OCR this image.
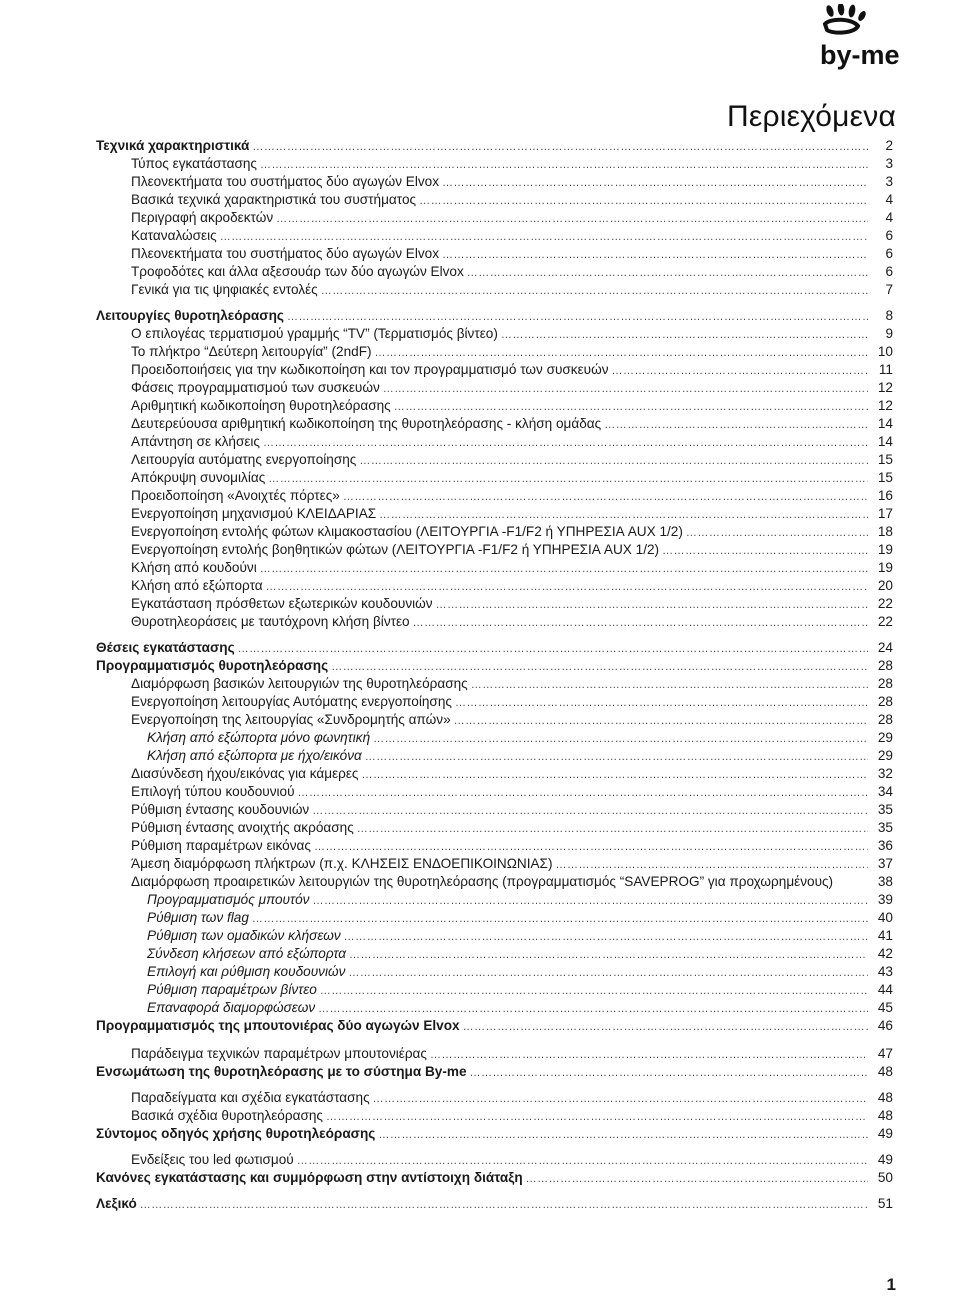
by-me
Περιεχόμενα
Τεχνικά χαρακτηριστικά ……………………………………………………………………………………………………………………………………………………………………………………………………………………	2
Τύπος εγκατάστασης ……………………………………………………………………………………………………………………………………………………………………………………………………………………	3
Πλεονεκτήματα του συστήματος δύο αγωγών Elvox ……………………………………………………………………………………………………………………………………………………………………………………………………………………	3
Βασικά τεχνικά χαρακτηριστικά του συστήματος ……………………………………………………………………………………………………………………………………………………………………………………………………………………	4
Περιγραφή ακροδεκτών ……………………………………………………………………………………………………………………………………………………………………………………………………………………	4
Καταναλώσεις ……………………………………………………………………………………………………………………………………………………………………………………………………………………	6
Πλεονεκτήματα του συστήματος δύο αγωγών Elvox ……………………………………………………………………………………………………………………………………………………………………………………………………………………	6
Τροφοδότες και άλλα αξεσουάρ των δύο αγωγών Elvox ……………………………………………………………………………………………………………………………………………………………………………………………………………………	6
Γενικά για τις ψηφιακές εντολές ……………………………………………………………………………………………………………………………………………………………………………………………………………………	7
Λειτουργίες θυροτηλεόρασης ……………………………………………………………………………………………………………………………………………………………………………………………………………………	8
Ο επιλογέας τερματισμού γραμμής “TV” (Τερματισμός βίντεο) ……………………………………………………………………………………………………………………………………………………………………………………………………………………	9
Το πλήκτρο “Δεύτερη λειτουργία” (2ndF) ……………………………………………………………………………………………………………………………………………………………………………………………………………………	10
Προειδοποιήσεις για την κωδικοποίηση και τον προγραμματισμό των συσκευών ……………………………………………………………………………………………………………………………………………………………………………………………………………………	11
Φάσεις προγραμματισμού των συσκευών ……………………………………………………………………………………………………………………………………………………………………………………………………………………	12
Αριθμητική κωδικοποίηση θυροτηλεόρασης ……………………………………………………………………………………………………………………………………………………………………………………………………………………	12
Δευτερεύουσα αριθμητική κωδικοποίηση της θυροτηλεόρασης - κλήση ομάδας ……………………………………………………………………………………………………………………………………………………………………………………………………………………	14
Απάντηση σε κλήσεις ……………………………………………………………………………………………………………………………………………………………………………………………………………………	14
Λειτουργία αυτόματης ενεργοποίησης ……………………………………………………………………………………………………………………………………………………………………………………………………………………	15
Απόκρυψη συνομιλίας ……………………………………………………………………………………………………………………………………………………………………………………………………………………	15
Προειδοποίηση «Ανοιχτές πόρτες» ……………………………………………………………………………………………………………………………………………………………………………………………………………………	16
Ενεργοποίηση μηχανισμού ΚΛΕΙΔΑΡΙΑΣ ……………………………………………………………………………………………………………………………………………………………………………………………………………………	17
Ενεργοποίηση εντολής φώτων κλιμακοστασίου (ΛΕΙΤΟΥΡΓΙΑ -F1/F2 ή ΥΠΗΡΕΣΙΑ AUX 1/2) ……………………………………………………………………………………………………………………………………………………………………………………………………………………	18
Ενεργοποίηση εντολής βοηθητικών φώτων (ΛΕΙΤΟΥΡΓΙΑ -F1/F2 ή ΥΠΗΡΕΣΙΑ AUX 1/2) ……………………………………………………………………………………………………………………………………………………………………………………………………………………	19
Κλήση από κουδούνι ……………………………………………………………………………………………………………………………………………………………………………………………………………………	19
Κλήση από εξώπορτα ……………………………………………………………………………………………………………………………………………………………………………………………………………………	20
Εγκατάσταση πρόσθετων εξωτερικών κουδουνιών ……………………………………………………………………………………………………………………………………………………………………………………………………………………	22
Θυροτηλεοράσεις με ταυτόχρονη κλήση βίντεο ……………………………………………………………………………………………………………………………………………………………………………………………………………………	22
Θέσεις εγκατάστασης ……………………………………………………………………………………………………………………………………………………………………………………………………………………	24
Προγραμματισμός θυροτηλεόρασης ……………………………………………………………………………………………………………………………………………………………………………………………………………………	28
Διαμόρφωση βασικών λειτουργιών της θυροτηλεόρασης ……………………………………………………………………………………………………………………………………………………………………………………………………………………	28
Ενεργοποίηση λειτουργίας Αυτόματης ενεργοποίησης ……………………………………………………………………………………………………………………………………………………………………………………………………………………	28
Ενεργοποίηση της λειτουργίας «Συνδρομητής απών» ……………………………………………………………………………………………………………………………………………………………………………………………………………………	28
Κλήση από εξώπορτα μόνο φωνητική ……………………………………………………………………………………………………………………………………………………………………………………………………………………	29
Κλήση από εξώπορτα με ήχο/εικόνα ……………………………………………………………………………………………………………………………………………………………………………………………………………………	29
Διασύνδεση ήχου/εικόνας για κάμερες ……………………………………………………………………………………………………………………………………………………………………………………………………………………	32
Επιλογή τύπου κουδουνιού ……………………………………………………………………………………………………………………………………………………………………………………………………………………	34
Ρύθμιση έντασης κουδουνιών ……………………………………………………………………………………………………………………………………………………………………………………………………………………	35
Ρύθμιση έντασης ανοιχτής ακρόασης ……………………………………………………………………………………………………………………………………………………………………………………………………………………	35
Ρύθμιση παραμέτρων εικόνας ……………………………………………………………………………………………………………………………………………………………………………………………………………………	36
Άμεση διαμόρφωση πλήκτρων (π.χ. ΚΛΗΣΕΙΣ ΕΝΔΟΕΠΙΚΟΙΝΩΝΙΑΣ) ……………………………………………………………………………………………………………………………………………………………………………………………………………………	37
Διαμόρφωση προαιρετικών λειτουργιών της θυροτηλεόρασης (προγραμματισμός “SAVEPROG” για προχωρημένους)	38
Προγραμματισμός μπουτόν ……………………………………………………………………………………………………………………………………………………………………………………………………………………	39
Ρύθμιση των flag ……………………………………………………………………………………………………………………………………………………………………………………………………………………	40
Ρύθμιση των ομαδικών κλήσεων ……………………………………………………………………………………………………………………………………………………………………………………………………………………	41
Σύνδεση κλήσεων από εξώπορτα ……………………………………………………………………………………………………………………………………………………………………………………………………………………	42
Επιλογή και ρύθμιση κουδουνιών ……………………………………………………………………………………………………………………………………………………………………………………………………………………	43
Ρύθμιση παραμέτρων βίντεο ……………………………………………………………………………………………………………………………………………………………………………………………………………………	44
Επαναφορά διαμορφώσεων ……………………………………………………………………………………………………………………………………………………………………………………………………………………	45
Προγραμματισμός της μπουτονιέρας δύο αγωγών Elvox ……………………………………………………………………………………………………………………………………………………………………………………………………………………	46
Παράδειγμα τεχνικών παραμέτρων μπουτονιέρας ……………………………………………………………………………………………………………………………………………………………………………………………………………………	47
Ενσωμάτωση της θυροτηλεόρασης με το σύστημα By-me ……………………………………………………………………………………………………………………………………………………………………………………………………………………	48
Παραδείγματα και σχέδια εγκατάστασης ……………………………………………………………………………………………………………………………………………………………………………………………………………………	48
Βασικά σχέδια θυροτηλεόρασης ……………………………………………………………………………………………………………………………………………………………………………………………………………………	48
Σύντομος οδηγός χρήσης θυροτηλεόρασης ……………………………………………………………………………………………………………………………………………………………………………………………………………………	49
Ενδείξεις του led φωτισμού ……………………………………………………………………………………………………………………………………………………………………………………………………………………	49
Κανόνες εγκατάστασης και συμμόρφωση στην αντίστοιχη διάταξη ……………………………………………………………………………………………………………………………………………………………………………………………………………………	50
Λεξικό ……………………………………………………………………………………………………………………………………………………………………………………………………………………	51
1
